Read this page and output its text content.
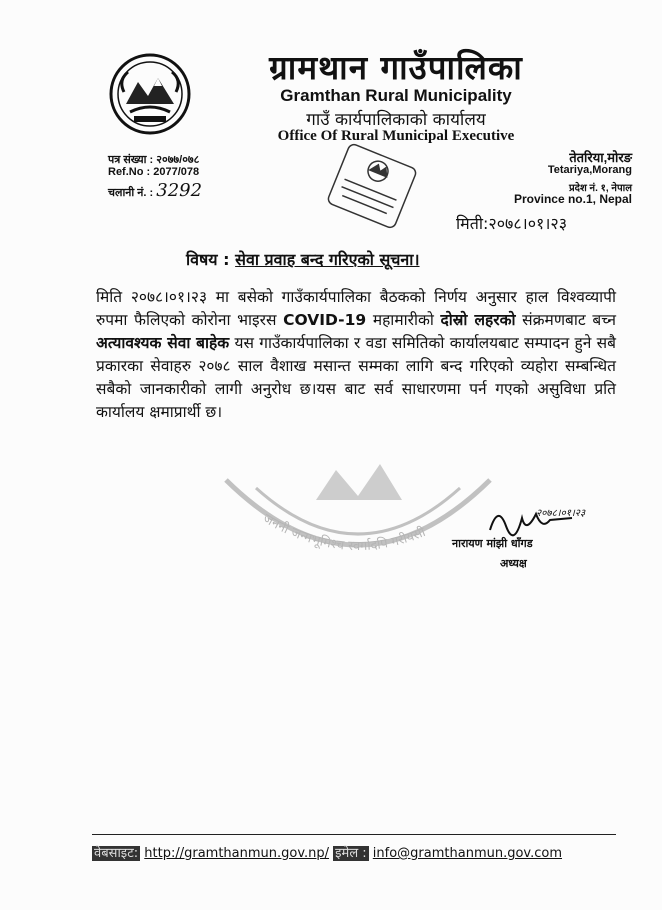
ग्रामथान गाउँपालिका
Gramthan Rural Municipality
गाउँ कार्यपालिकाको कार्यालय
Office Of Rural Municipal Executive
पत्र संख्या : २०७७/०७८
Ref.No : 2077/078
चलानी नं. : 3292
तेतरिया,मोरङ
Tetariya,Morang
प्रदेश नं. १, नेपाल
Province no.1, Nepal
मिती:२०७८।०१।२३
विषय : सेवा प्रवाह बन्द गरिएको सूचना।
जननी जन्मभूमिश्च स्वर्गादपि गरीयसी
मिति २०७८।०१।२३ मा बसेको गाउँकार्यपालिका बैठकको निर्णय अनुसार हाल विश्वव्यापी रुपमा फैलिएको कोरोना भाइरस COVID-19 महामारीको दोस्रो लहरको संक्रमणबाट बच्न अत्यावश्यक सेवा बाहेक यस गाउँकार्यपालिका र वडा समितिको कार्यालयबाट सम्पादन हुने सबै प्रकारका सेवाहरु २०७८ साल वैशाख मसान्त सम्मका लागि बन्द गरिएको व्यहोरा सम्बन्धित सबैको जानकारीको लागी अनुरोध छ।यस बाट सर्व साधारणमा पर्न गएको असुविधा प्रति कार्यालय क्षमाप्रार्थी छ।
२०७८।०१।२३
नारायण मांझी धाँगड
अध्यक्ष
वेबसाइट: http://gramthanmun.gov.np/ इमेल : info@gramthanmun.gov.com
